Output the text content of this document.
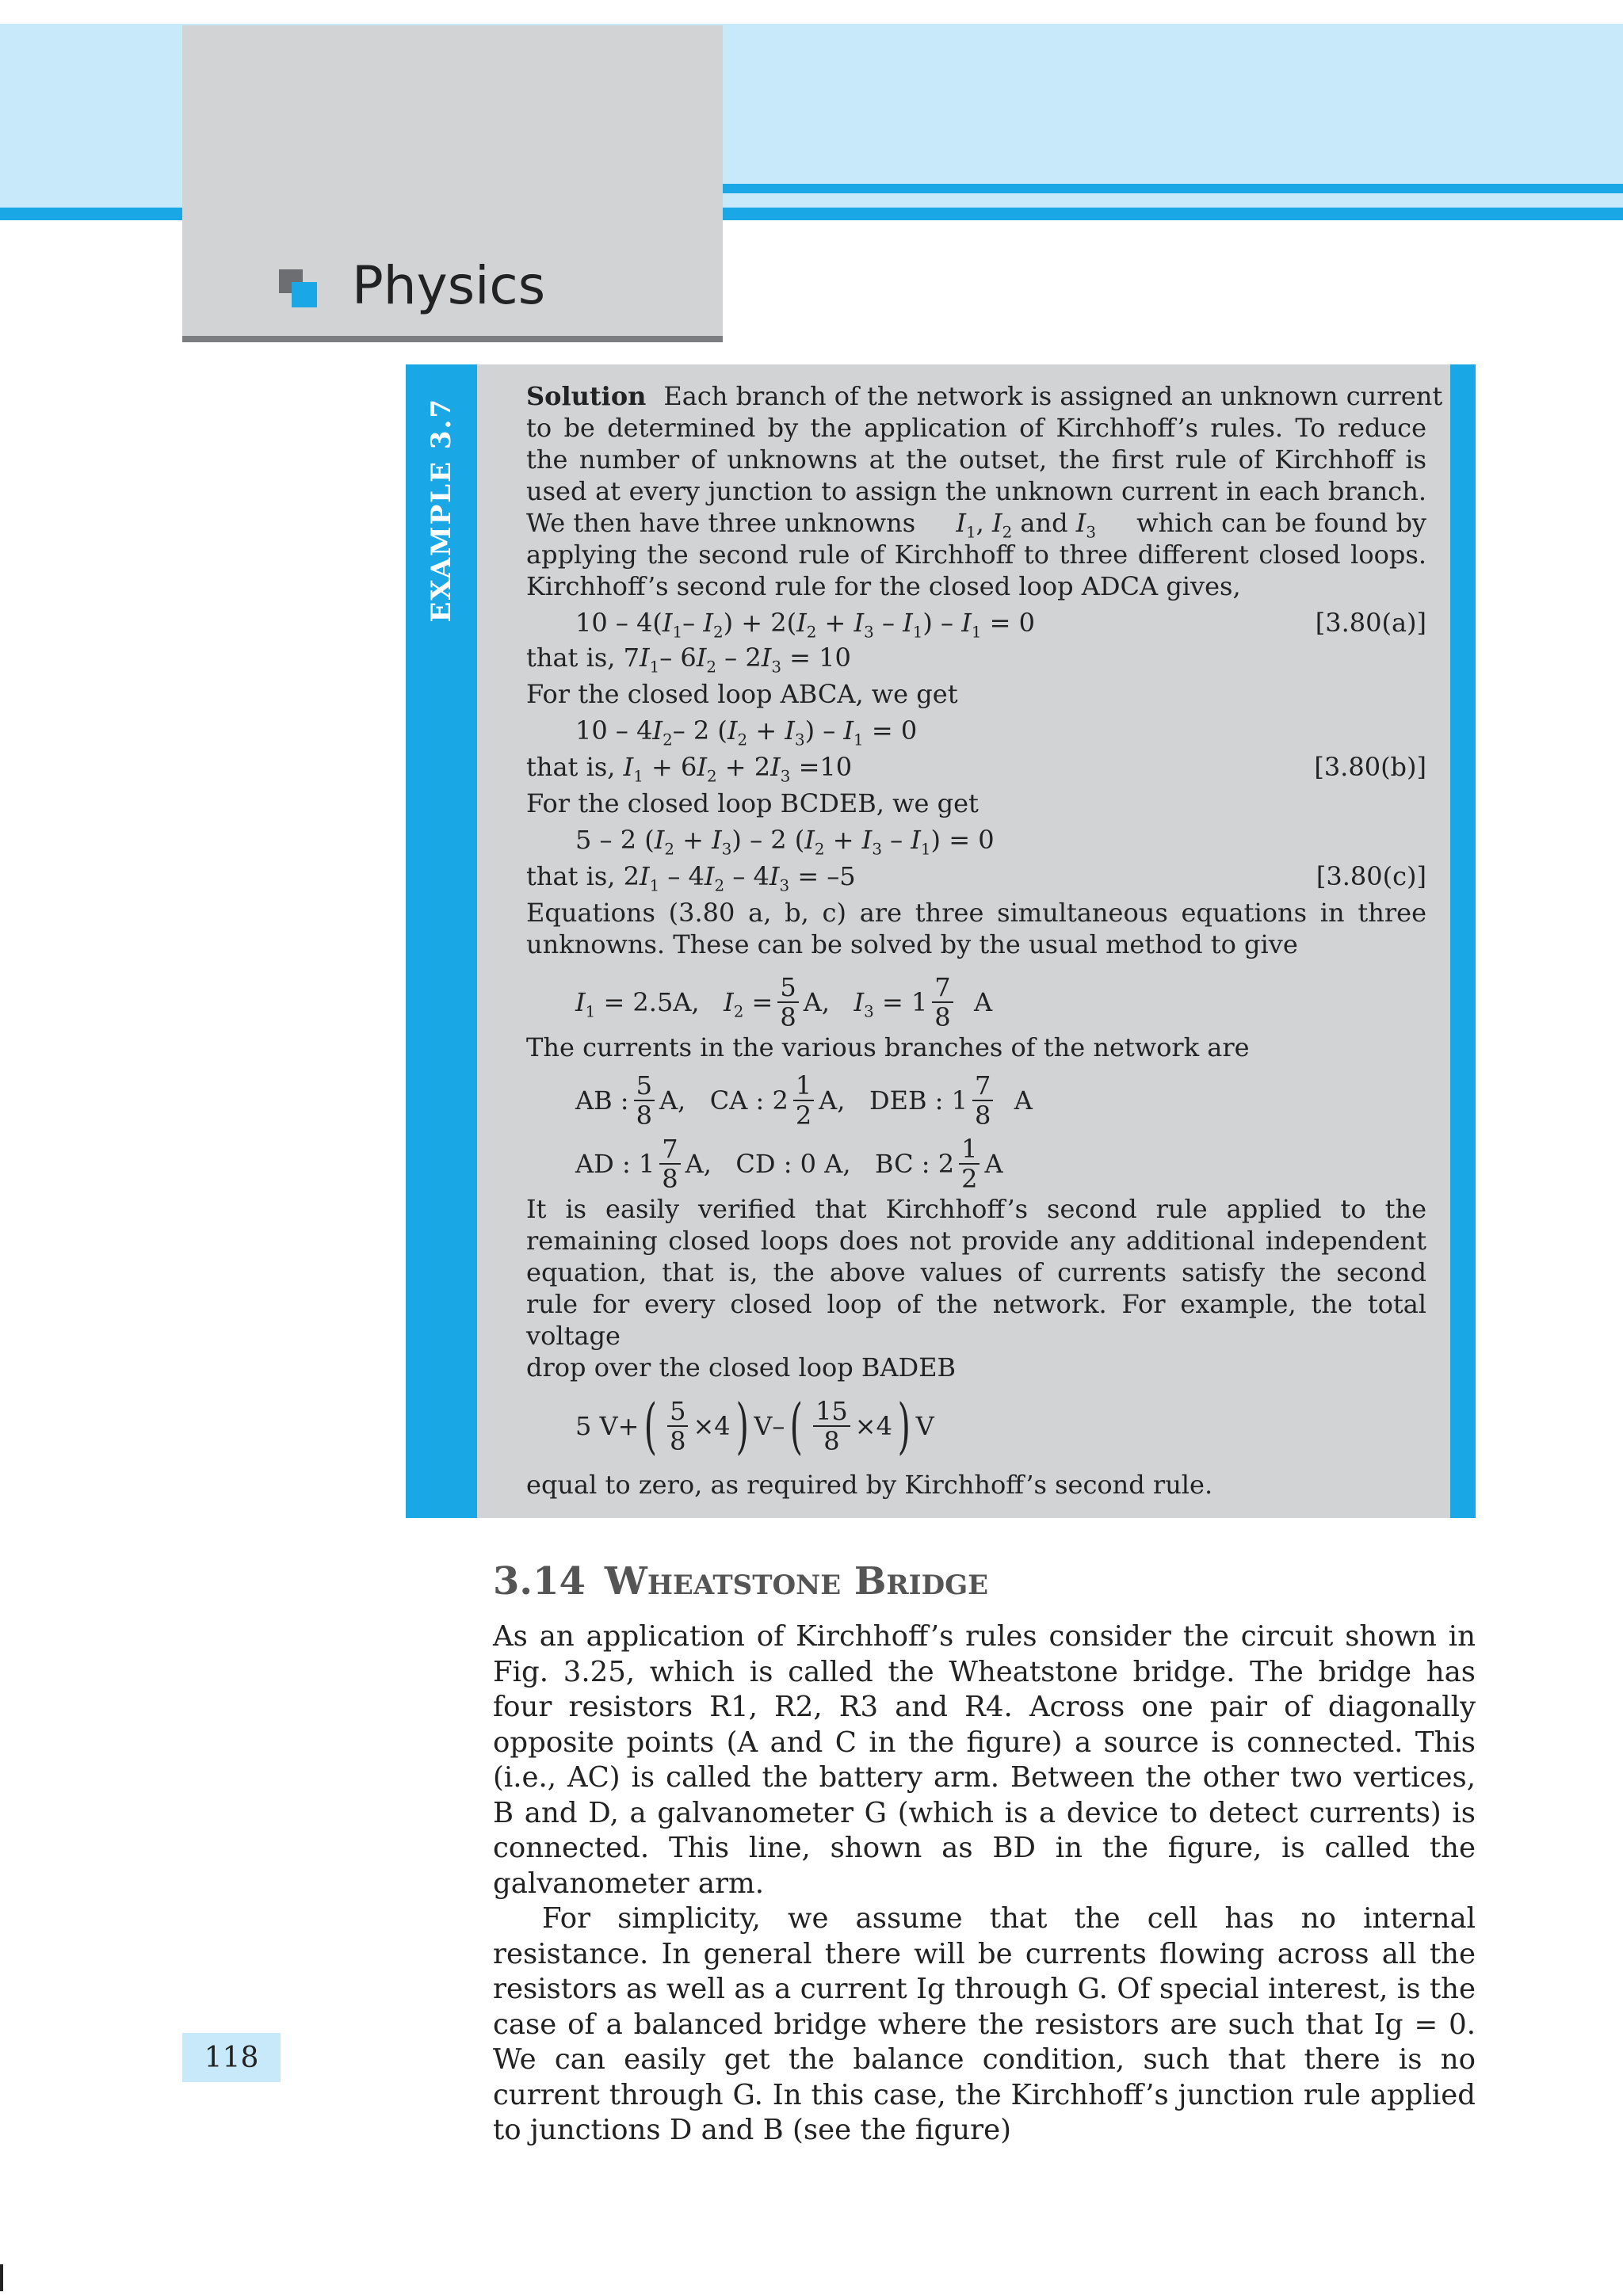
Physics
EXAMPLE 3.7

Solution Each branch of the network is assigned an unknown current

to be determined by the application of Kirchhoff’s rules. To reduce

the number of unknowns at the outset, the first rule of Kirchhoff is

used at every junction to assign the unknown current in each branch.

We then have three unknowns $I_1$, $I_2$ and $I_3$ which can be found by

applying the second rule of Kirchhoff to three different closed loops.

Kirchhoff’s second rule for the closed loop ADCA gives,

$10 - 4(I_1-$ $I_2) + 2(I_2 + I_3 - I_1) - I_1 = 0$	[3.80(a)]

that is, $7I_1-$ $6I_2 - 2I_3 = 10$

For the closed loop ABCA, we get

$10 - 4I_2-$ 2 $(I_2 + I_3) - I_1 = 0$

that is, $I_1 + 6I_2 + 2I_3 =10$	[3.80(b)]

For the closed loop BCDEB, we get

5 – 2 $(I_2 + I_3) - 2$ $(I_2 + I_3 - I_1) = 0$

that is, $2I_1 - 4I_2 - 4I_3 = -5$	[3.80(c)]

Equations (3.80 a, b, c) are three simultaneous equations in three

unknowns. These can be solved by the usual method to give

$I_1 = 2.5A$,   $I_2 = \frac{5}{8} A$,   $I_3 = 1 \frac{7}{8}$ A

The currents in the various branches of the network are

AB : $\frac{5}{8} A$,   CA : $2 \frac{1}{2} A$,   DEB : $1 \frac{7}{8}$ A

AD : $1 \frac{7}{8} A$,   CD : 0 A,   BC : $2 \frac{1}{2}$ A

It is easily verified that Kirchhoff’s second rule applied to the

remaining closed loops does not provide any additional independent

equation, that is, the above values of currents satisfy the second

rule for every closed loop of the network. For example, the total voltage

drop over the closed loop BADEB

5 V+ ( $\frac{5}{8} \times 4$ ) V– ( $\frac{15}{8} \times 4$ ) V

equal to zero, as required by Kirchhoff’s second rule.

3.14 Wheatstone Bridge

As an application of Kirchhoff’s rules consider the circuit shown in Fig. 3.25, which is called the Wheatstone bridge. The bridge has four resistors R1, R2, R3 and R4. Across one pair of diagonally opposite points (A and C in the figure) a source is connected. This (i.e., AC) is called the battery arm. Between the other two vertices, B and D, a galvanometer G (which is a device to detect currents) is connected. This line, shown as BD in the figure, is called the galvanometer arm.

For simplicity, we assume that the cell has no internal resistance. In general there will be currents flowing across all the resistors as well as a current Ig through G. Of special interest, is the case of a balanced bridge where the resistors are such that Ig = 0. We can easily get the balance condition, such that there is no current through G. In this case, the Kirchhoff’s junction rule applied to junctions D and B (see the figure)

118
